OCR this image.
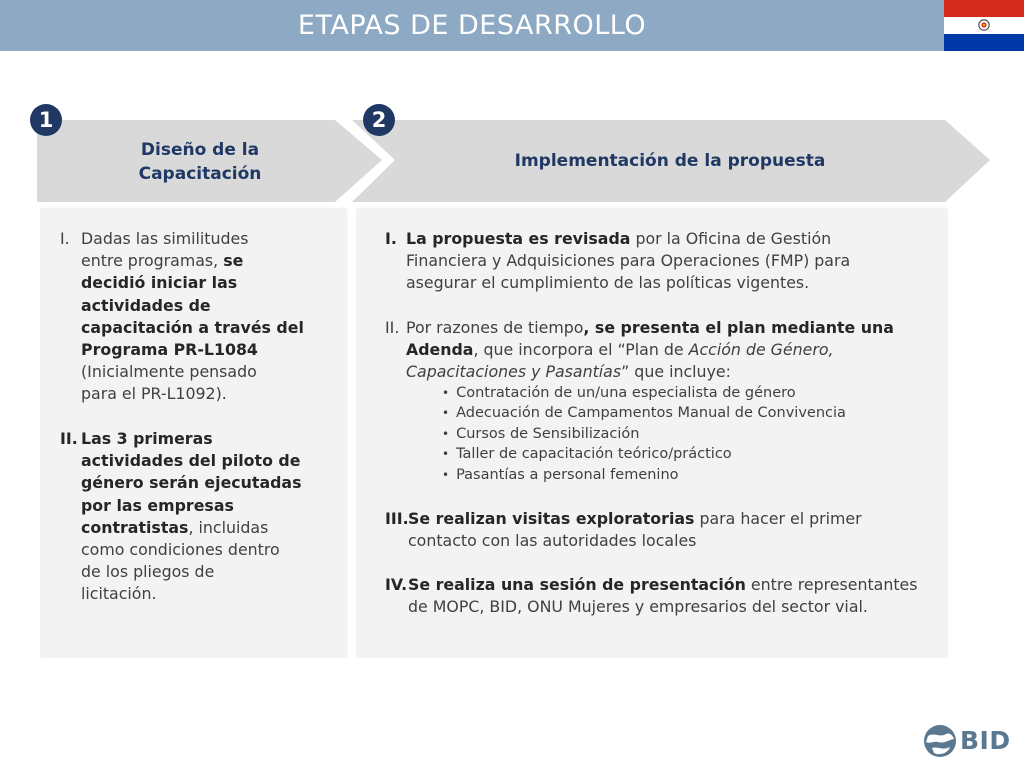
ETAPAS DE DESARROLLO
1	2
Diseño de la
Capacitación
Implementación de la propuesta
I. Dadas las similitudes
entre programas, se
decidió iniciar las
actividades de
capacitación a través del
Programa PR-L1084
(Inicialmente pensado
para el PR-L1092).
II. Las 3 primeras
actividades del piloto de
género serán ejecutadas
por las empresas
contratistas, incluidas
como condiciones dentro
de los pliegos de
licitación.
I. La propuesta es revisada por la Oficina de Gestión
Financiera y Adquisiciones para Operaciones (FMP) para
asegurar el cumplimiento de las políticas vigentes.
II. Por razones de tiempo, se presenta el plan mediante una
Adenda, que incorpora el “Plan de Acción de Género,
Capacitaciones y Pasantías” que incluye:
• Contratación de un/una especialista de género
• Adecuación de Campamentos Manual de Convivencia
• Cursos de Sensibilización
• Taller de capacitación teórico/práctico
• Pasantías a personal femenino
III. Se realizan visitas exploratorias para hacer el primer
contacto con las autoridades locales
IV. Se realiza una sesión de presentación entre representantes
de MOPC, BID, ONU Mujeres y empresarios del sector vial.
BID
